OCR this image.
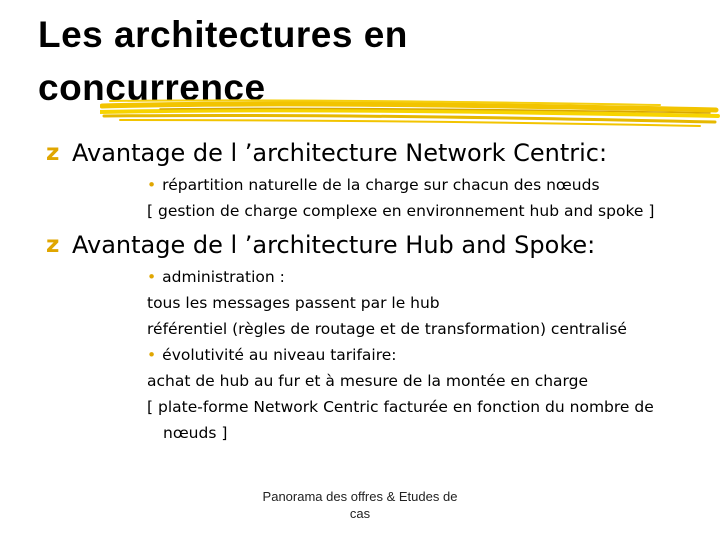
Les architectures en
concurrence
z Avantage de l ’architecture Network Centric:
• répartition naturelle de la charge sur chacun des nœuds
[ gestion de charge complexe en environnement hub and spoke ]
z Avantage de l ’architecture Hub and Spoke:
• administration :
tous les messages passent par le hub
référentiel (règles de routage et de transformation) centralisé
• évolutivité au niveau tarifaire:
achat de hub au fur et à mesure de la montée en charge
[ plate-forme Network Centric facturée en fonction du nombre de
nœuds ]
Panorama des offres & Etudes de
cas
